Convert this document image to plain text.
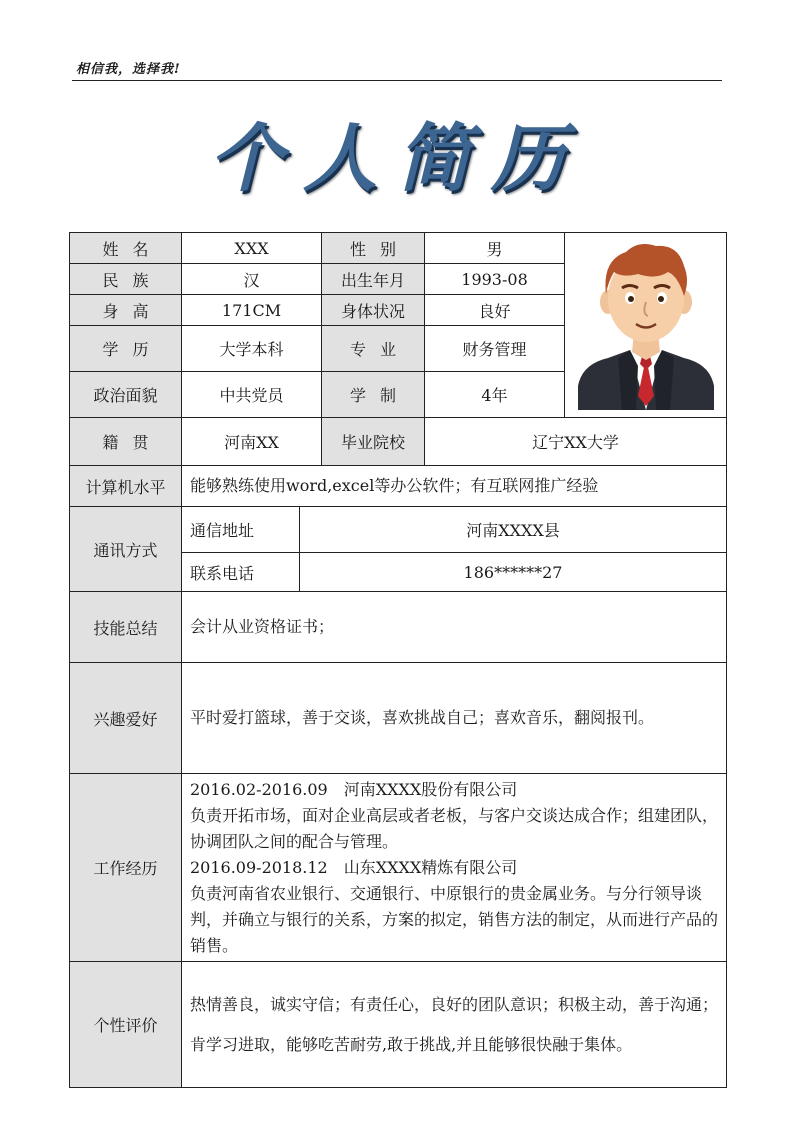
相信我，选择我!
个人简历
姓名	XXX		性别	男	
民族	汉		出生年月	1993-08	
身高	171CM		身体状况	良好	
学历	大学本科		专业	财务管理	
政治面貌	中共党员		学制	4年	
籍贯	河南XX		毕业院校	辽宁XX大学	
计算机水平	能够熟练使用word,excel等办公软件；有互联网推广经验				
通讯方式	通信地址	河南XXXX县			
	联系电话	186******27			
技能总结	会计从业资格证书；				
兴趣爱好	平时爱打篮球，善于交谈，喜欢挑战自己；喜欢音乐，翻阅报刊。				
工作经历	2016.02-2016.09　河南XXXX股份有限公司
负责开拓市场，面对企业高层或者老板，与客户交谈达成合作；组建团队，协调团队之间的配合与管理。
2016.09-2018.12　山东XXXX精炼有限公司
负责河南省农业银行、交通银行、中原银行的贵金属业务。与分行领导谈判，并确立与银行的关系，方案的拟定，销售方法的制定，从而进行产品的销售。				

个性评价	热情善良，诚实守信；有责任心，良好的团队意识；积极主动，善于沟通；肯学习进取，能够吃苦耐劳,敢于挑战,并且能够很快融于集体。				
